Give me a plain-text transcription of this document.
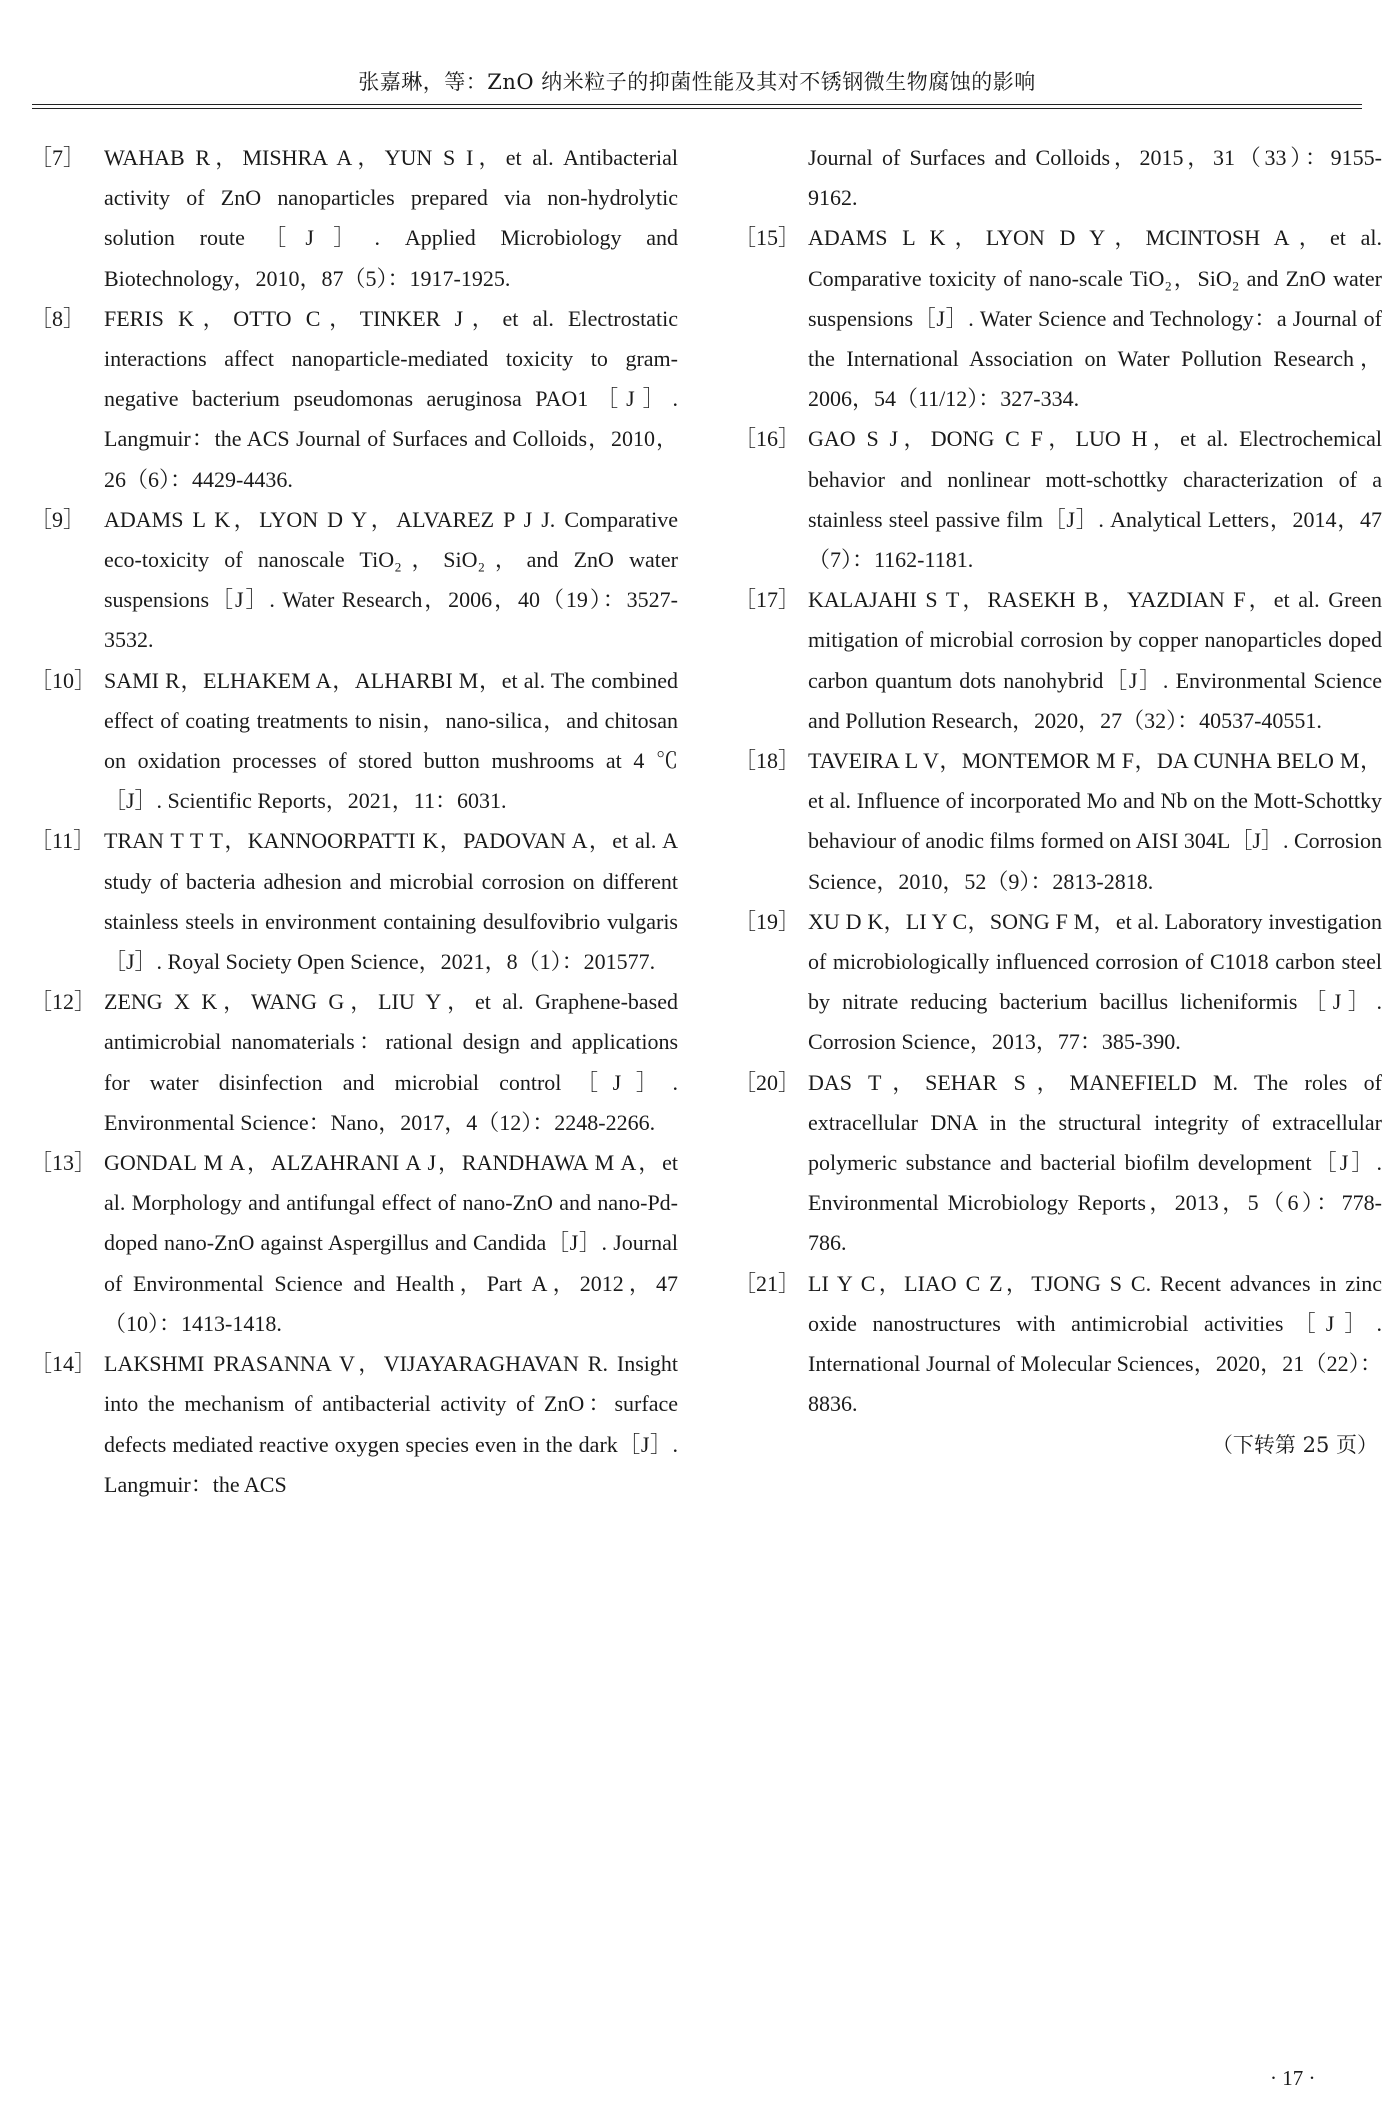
张嘉琳，等：ZnO 纳米粒子的抑菌性能及其对不锈钢微生物腐蚀的影响
［7］ WAHAB R，MISHRA A，YUN S I，et al. Antibacterial activity of ZnO nanoparticles prepared via non-hydrolytic solution route［J］. Applied Microbiology and Biotechnology，2010，87（5）：1917-1925.
［8］ FERIS K，OTTO C，TINKER J，et al. Electrostatic interactions affect nanoparticle-mediated toxicity to gram-negative bacterium pseudomonas aeruginosa PAO1［J］. Langmuir：the ACS Journal of Surfaces and Colloids，2010，26（6）：4429-4436.
［9］ ADAMS L K，LYON D Y，ALVAREZ P J J. Comparative eco-toxicity of nanoscale TiO₂，SiO₂，and ZnO water suspensions［J］. Water Research，2006，40（19）：3527-3532.
［10］ SAMI R，ELHAKEM A，ALHARBI M，et al. The combined effect of coating treatments to nisin，nano-silica，and chitosan on oxidation processes of stored button mushrooms at 4 ℃［J］. Scientific Reports，2021，11：6031.
［11］ TRAN T T T，KANNOORPATTI K，PADOVAN A，et al. A study of bacteria adhesion and microbial corrosion on different stainless steels in environment containing desulfovibrio vulgaris［J］. Royal Society Open Science，2021，8（1）：201577.
［12］ ZENG X K，WANG G，LIU Y，et al. Graphene-based antimicrobial nanomaterials：rational design and applications for water disinfection and microbial control［J］. Environmental Science：Nano，2017，4（12）：2248-2266.
［13］ GONDAL M A，ALZAHRANI A J，RANDHAWA M A，et al. Morphology and antifungal effect of nano-ZnO and nano-Pd-doped nano-ZnO against Aspergillus and Candida［J］. Journal of Environmental Science and Health，Part A，2012，47（10）：1413-1418.
［14］ LAKSHMI PRASANNA V，VIJAYARAGHAVAN R. Insight into the mechanism of antibacterial activity of ZnO：surface defects mediated reactive oxygen species even in the dark［J］. Langmuir：the ACS
Journal of Surfaces and Colloids，2015，31（33）：9155-9162.
［15］ ADAMS L K，LYON D Y，MCINTOSH A，et al. Comparative toxicity of nano-scale TiO₂，SiO₂ and ZnO water suspensions［J］. Water Science and Technology：a Journal of the International Association on Water Pollution Research，2006，54（11/12）：327-334.
［16］ GAO S J，DONG C F，LUO H，et al. Electrochemical behavior and nonlinear mott-schottky characterization of a stainless steel passive film［J］. Analytical Letters，2014，47（7）：1162-1181.
［17］ KALAJAHI S T，RASEKH B，YAZDIAN F，et al. Green mitigation of microbial corrosion by copper nanoparticles doped carbon quantum dots nanohybrid［J］. Environmental Science and Pollution Research，2020，27（32）：40537-40551.
［18］ TAVEIRA L V，MONTEMOR M F，DA CUNHA BELO M，et al. Influence of incorporated Mo and Nb on the Mott-Schottky behaviour of anodic films formed on AISI 304L［J］. Corrosion Science，2010，52（9）：2813-2818.
［19］ XU D K，LI Y C，SONG F M，et al. Laboratory investigation of microbiologically influenced corrosion of C1018 carbon steel by nitrate reducing bacterium bacillus licheniformis［J］. Corrosion Science，2013，77：385-390.
［20］ DAS T，SEHAR S，MANEFIELD M. The roles of extracellular DNA in the structural integrity of extracellular polymeric substance and bacterial biofilm development［J］. Environmental Microbiology Reports，2013，5（6）：778-786.
［21］ LI Y C，LIAO C Z，TJONG S C. Recent advances in zinc oxide nanostructures with antimicrobial activities［J］. International Journal of Molecular Sciences，2020，21（22）：8836.
（下转第 25 页）
· 17 ·
